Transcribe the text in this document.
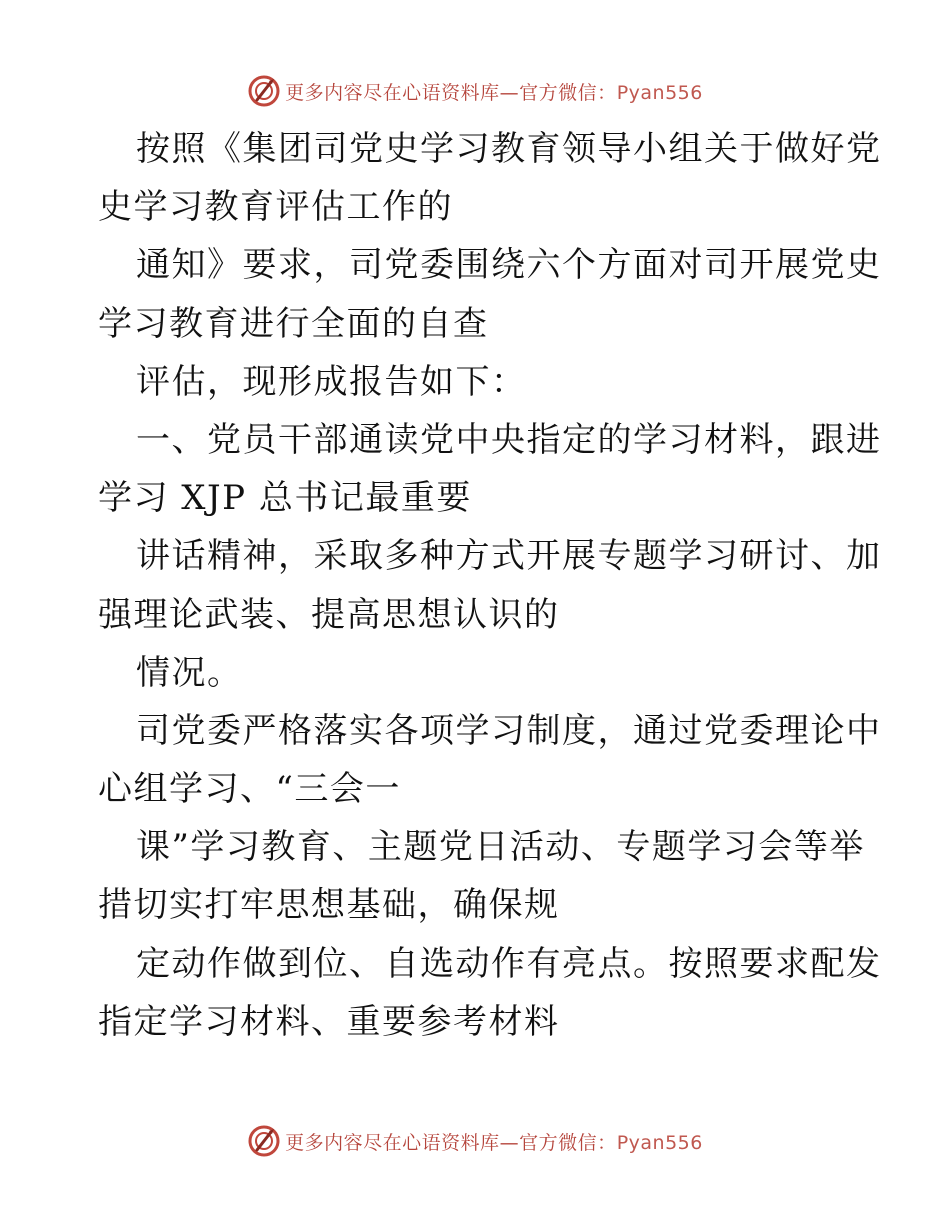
更多内容尽在心语资料库—官方微信：Pyan556
按照《集团司党史学习教育领导小组关于做好党
史学习教育评估工作的
通知》要求，司党委围绕六个方面对司开展党史
学习教育进行全面的自查
评估，现形成报告如下：
一、党员干部通读党中央指定的学习材料，跟进
学习 XJP 总书记最重要
讲话精神，采取多种方式开展专题学习研讨、加
强理论武装、提高思想认识的
情况。
司党委严格落实各项学习制度，通过党委理论中
心组学习、“三会一
课”学习教育、主题党日活动、专题学习会等举
措切实打牢思想基础，确保规
定动作做到位、自选动作有亮点。按照要求配发
指定学习材料、重要参考材料
更多内容尽在心语资料库—官方微信：Pyan556
